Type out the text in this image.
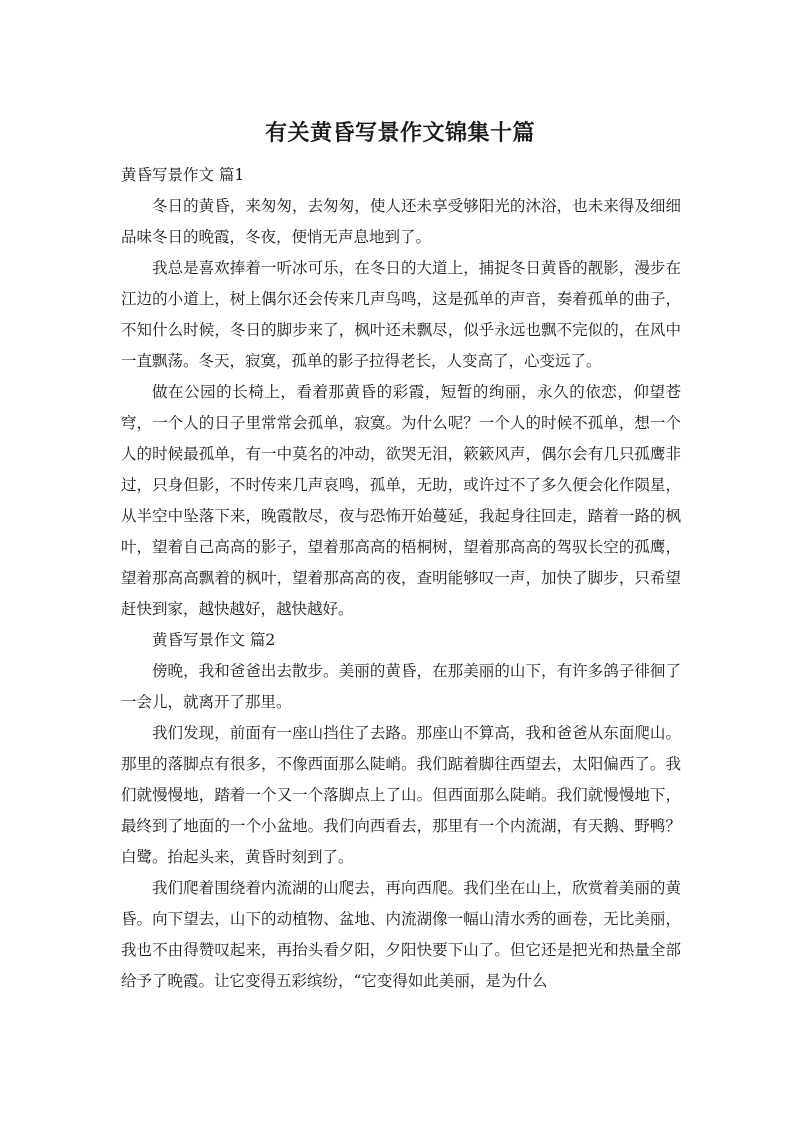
有关黄昏写景作文锦集十篇

黄昏写景作文 篇1

冬日的黄昏，来匆匆，去匆匆，使人还未享受够阳光的沐浴，也未来得及细细品味冬日的晚霞，冬夜，便悄无声息地到了。

我总是喜欢捧着一听冰可乐，在冬日的大道上，捕捉冬日黄昏的靓影，漫步在江边的小道上，树上偶尔还会传来几声鸟鸣，这是孤单的声音，奏着孤单的曲子，不知什么时候，冬日的脚步来了，枫叶还未飘尽，似乎永远也飘不完似的，在风中一直飘荡。冬天，寂寞，孤单的影子拉得老长，人变高了，心变远了。

做在公园的长椅上，看着那黄昏的彩霞，短暂的绚丽，永久的依恋，仰望苍穹，一个人的日子里常常会孤单，寂寞。为什么呢？一个人的时候不孤单，想一个人的时候最孤单，有一中莫名的冲动，欲哭无泪，簌簌风声，偶尔会有几只孤鹰非过，只身但影，不时传来几声哀鸣，孤单，无助，或许过不了多久便会化作陨星，从半空中坠落下来，晚霞散尽，夜与恐怖开始蔓延，我起身往回走，踏着一路的枫叶，望着自己高高的影子，望着那高高的梧桐树，望着那高高的驾驭长空的孤鹰，望着那高高飘着的枫叶，望着那高高的夜，查明能够叹一声，加快了脚步，只希望赶快到家，越快越好，越快越好。

黄昏写景作文 篇2

傍晚，我和爸爸出去散步。美丽的黄昏，在那美丽的山下，有许多鸽子徘徊了一会儿，就离开了那里。

我们发现，前面有一座山挡住了去路。那座山不算高，我和爸爸从东面爬山。那里的落脚点有很多，不像西面那么陡峭。我们踮着脚往西望去，太阳偏西了。我们就慢慢地，踏着一个又一个落脚点上了山。但西面那么陡峭。我们就慢慢地下，最终到了地面的一个小盆地。我们向西看去，那里有一个内流湖，有天鹅、野鸭？白鹭。抬起头来，黄昏时刻到了。

我们爬着围绕着内流湖的山爬去，再向西爬。我们坐在山上，欣赏着美丽的黄昏。向下望去，山下的动植物、盆地、内流湖像一幅山清水秀的画卷，无比美丽，我也不由得赞叹起来，再抬头看夕阳，夕阳快要下山了。但它还是把光和热量全部给予了晚霞。让它变得五彩缤纷，“它变得如此美丽，是为什么
